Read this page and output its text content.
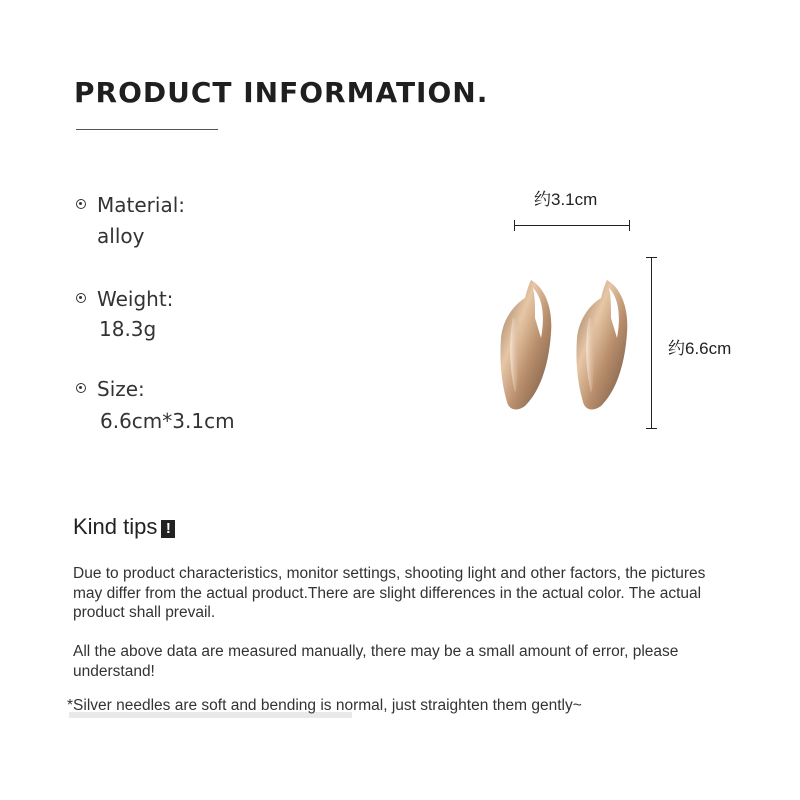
PRODUCT INFORMATION.
Material:
alloy
Weight:
18.3g
Size:
6.6cm*3.1cm
约3.1cm
约6.6cm
Kind tips !
Due to product characteristics, monitor settings, shooting light and other factors, the pictures may differ from the actual product.There are slight differences in the actual color. The actual product shall prevail.
All the above data are measured manually, there may be a small amount of error, please understand!
*Silver needles are soft and bending is normal, just straighten them gently~
